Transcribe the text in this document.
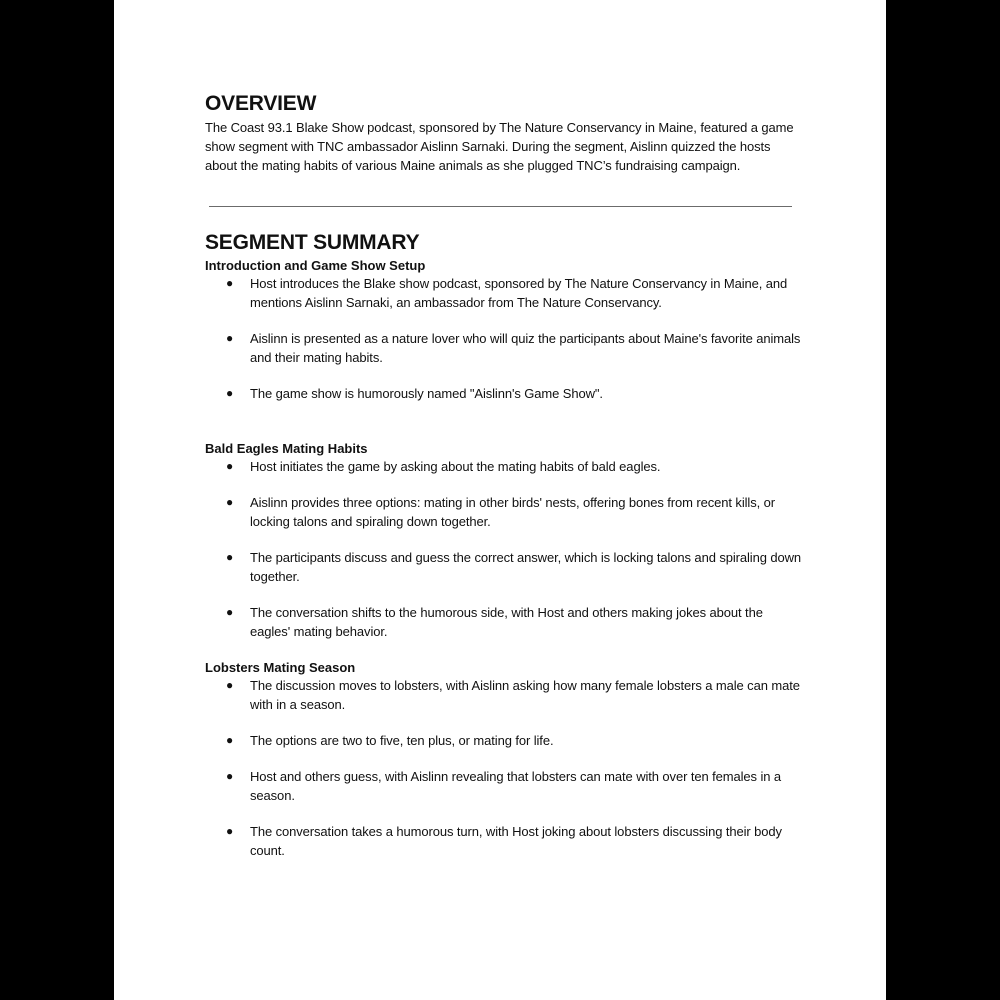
OVERVIEW

The Coast 93.1 Blake Show podcast, sponsored by The Nature Conservancy in Maine, featured a game show segment with TNC ambassador Aislinn Sarnaki. During the segment, Aislinn quizzed the hosts about the mating habits of various Maine animals as she plugged TNC’s fundraising campaign.

SEGMENT SUMMARY
Introduction and Game Show Setup
● Host introduces the Blake show podcast, sponsored by The Nature Conservancy in Maine, and mentions Aislinn Sarnaki, an ambassador from The Nature Conservancy.
● Aislinn is presented as a nature lover who will quiz the participants about Maine's favorite animals and their mating habits.
● The game show is humorously named "Aislinn's Game Show".
Bald Eagles Mating Habits
● Host initiates the game by asking about the mating habits of bald eagles.
● Aislinn provides three options: mating in other birds' nests, offering bones from recent kills, or locking talons and spiraling down together.
● The participants discuss and guess the correct answer, which is locking talons and spiraling down together.
● The conversation shifts to the humorous side, with Host and others making jokes about the eagles' mating behavior.
Lobsters Mating Season
● The discussion moves to lobsters, with Aislinn asking how many female lobsters a male can mate with in a season.
● The options are two to five, ten plus, or mating for life.
● Host and others guess, with Aislinn revealing that lobsters can mate with over ten females in a season.
● The conversation takes a humorous turn, with Host joking about lobsters discussing their body count.
